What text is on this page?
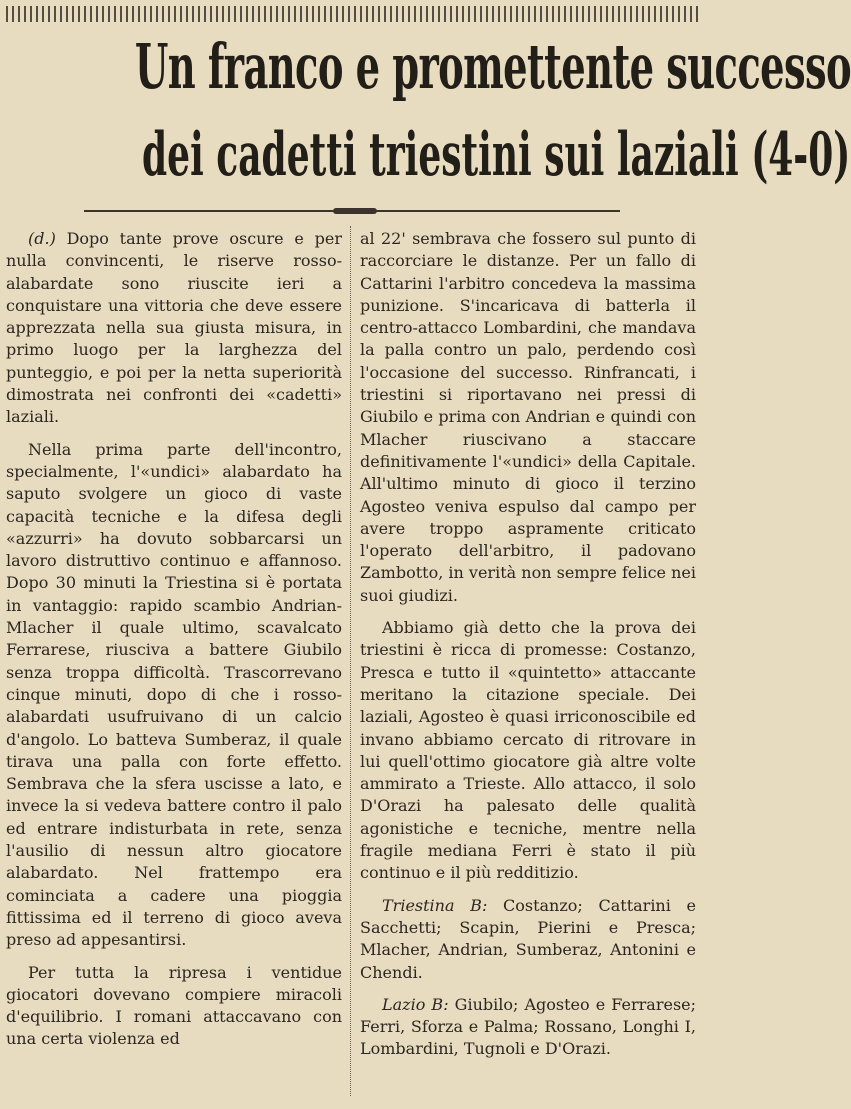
Un franco e promettente successo
dei cadetti triestini sui laziali (4-0)

(d.) Dopo tante prove oscure e per nulla convincenti, le riserve rosso-alabardate sono riuscite ieri a conquistare una vittoria che deve essere apprezzata nella sua giusta misura, in primo luogo per la larghezza del punteggio, e poi per la netta superiorità dimostrata nei confronti dei «cadetti» laziali.

Nella prima parte dell'incontro, specialmente, l'«undici» alabardato ha saputo svolgere un gioco di vaste capacità tecniche e la difesa degli «azzurri» ha dovuto sobbarcarsi un lavoro distruttivo continuo e affannoso. Dopo 30 minuti la Triestina si è portata in vantaggio: rapido scambio Andrian-Mlacher il quale ultimo, scavalcato Ferrarese, riusciva a battere Giubilo senza troppa difficoltà. Trascorrevano cinque minuti, dopo di che i rosso-alabardati usufruivano di un calcio d'angolo. Lo batteva Sumberaz, il quale tirava una palla con forte effetto. Sembrava che la sfera uscisse a lato, e invece la si vedeva battere contro il palo ed entrare indisturbata in rete, senza l'ausilio di nessun altro giocatore alabardato. Nel frattempo era cominciata a cadere una pioggia fittissima ed il terreno di gioco aveva preso ad appesantirsi.

Per tutta la ripresa i ventidue giocatori dovevano compiere miracoli d'equilibrio. I romani attaccavano con una certa violenza ed

al 22' sembrava che fossero sul punto di raccorciare le distanze. Per un fallo di Cattarini l'arbitro concedeva la massima punizione. S'incaricava di batterla il centro-attacco Lombardini, che mandava la palla contro un palo, perdendo così l'occasione del successo. Rinfrancati, i triestini si riportavano nei pressi di Giubilo e prima con Andrian e quindi con Mlacher riuscivano a staccare definitivamente l'«undici» della Capitale. All'ultimo minuto di gioco il terzino Agosteo veniva espulso dal campo per avere troppo aspramente criticato l'operato dell'arbitro, il padovano Zambotto, in verità non sempre felice nei suoi giudizi.

Abbiamo già detto che la prova dei triestini è ricca di promesse: Costanzo, Presca e tutto il «quintetto» attaccante meritano la citazione speciale. Dei laziali, Agosteo è quasi irriconoscibile ed invano abbiamo cercato di ritrovare in lui quell'ottimo giocatore già altre volte ammirato a Trieste. Allo attacco, il solo D'Orazi ha palesato delle qualità agonistiche e tecniche, mentre nella fragile mediana Ferri è stato il più continuo e il più redditizio.

Triestina B: Costanzo; Cattarini e Sacchetti; Scapin, Pierini e Presca; Mlacher, Andrian, Sumberaz, Antonini e Chendi.

Lazio B: Giubilo; Agosteo e Ferrarese; Ferri, Sforza e Palma; Rossano, Longhi I, Lombardini, Tugnoli e D'Orazi.
